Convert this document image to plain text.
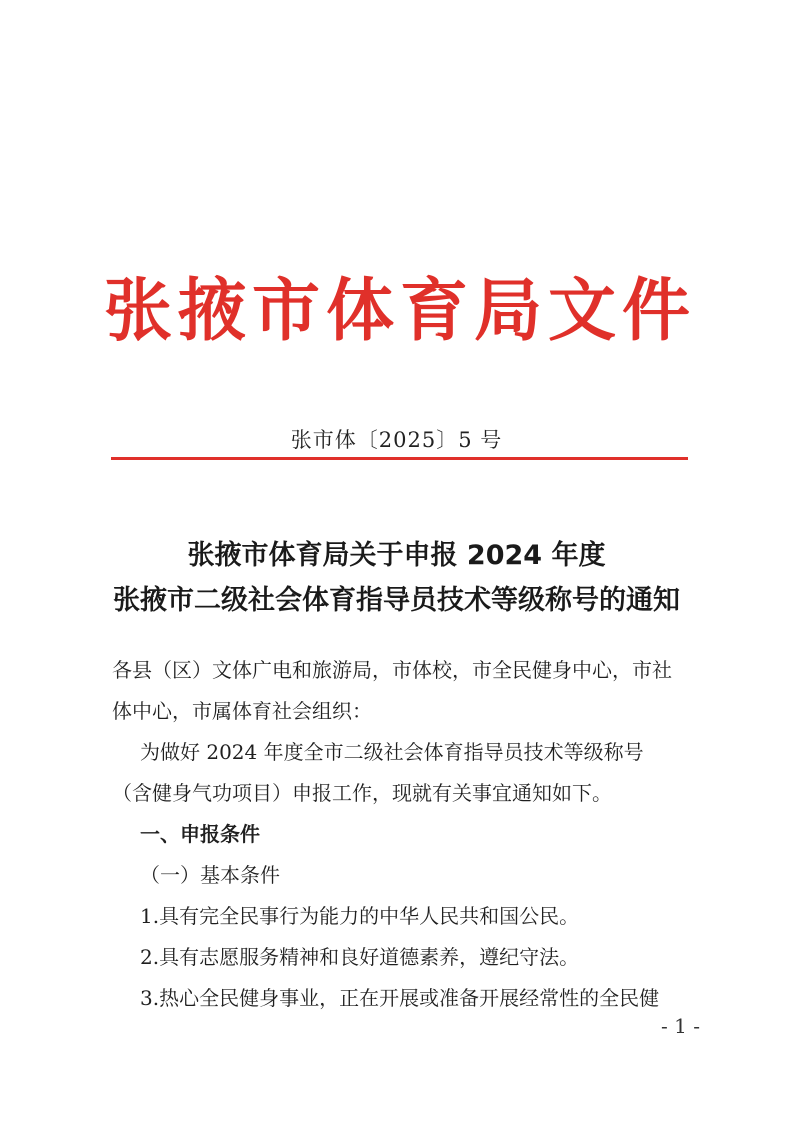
张掖市体育局文件
张市体〔2025〕5 号
张掖市体育局关于申报 2024 年度
张掖市二级社会体育指导员技术等级称号的通知
各县（区）文体广电和旅游局，市体校，市全民健身中心，市社
体中心，市属体育社会组织：
为做好 2024 年度全市二级社会体育指导员技术等级称号
（含健身气功项目）申报工作，现就有关事宜通知如下。
一、申报条件
（一）基本条件
1.具有完全民事行为能力的中华人民共和国公民。
2.具有志愿服务精神和良好道德素养，遵纪守法。
3.热心全民健身事业，正在开展或准备开展经常性的全民健
- 1 -
